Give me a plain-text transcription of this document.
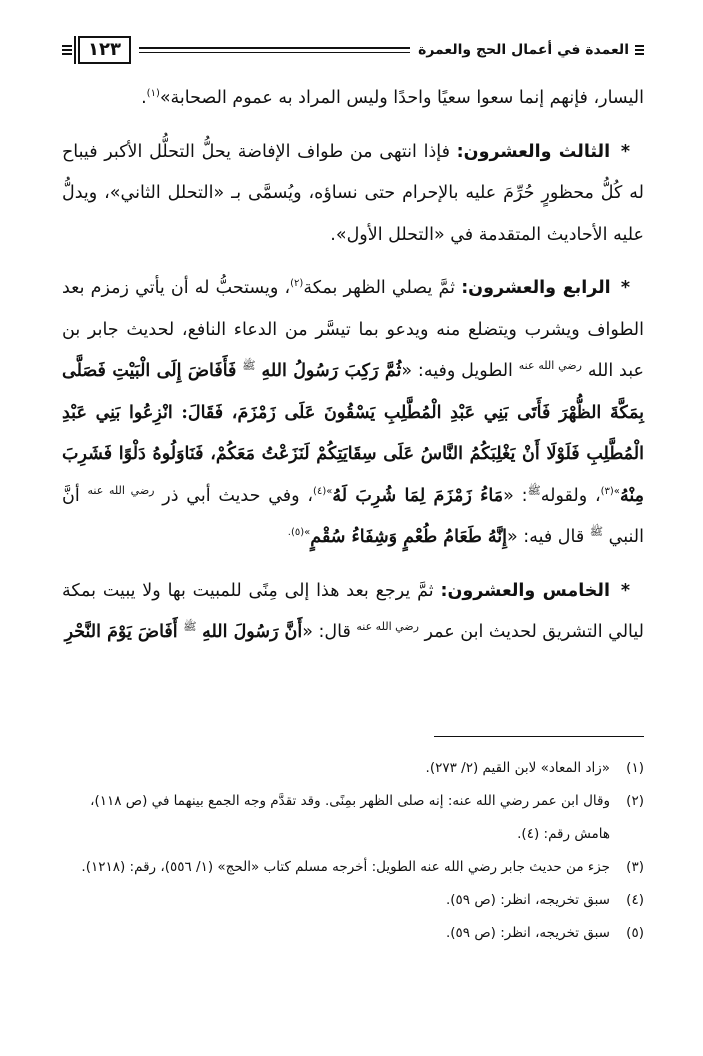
العمدة في أعمال الحج والعمرة
١٢٣

اليسار، فإنهم إنما سعوا سعيًا واحدًا وليس المراد به عموم الصحابة»$^{(١)}$.

* الثالث والعشرون: فإذا انتهى من طواف الإفاضة يحلُّ التحلُّل الأكبر فيباح له كُلُّ محظورٍ حُرِّمَ عليه بالإحرام حتى نساؤه، ويُسمَّى بـ «التحلل الثاني»، ويدلُّ عليه الأحاديث المتقدمة في «التحلل الأول».

* الرابع والعشرون: ثمَّ يصلي الظهر بمكة$^{(٢)}$، ويستحبُّ له أن يأتي زمزم بعد الطواف ويشرب ويتضلع منه ويدعو بما تيسَّر من الدعاء النافع، لحديث جابر بن عبد الله $^{رضي الله عنه}$ الطويل وفيه: «ثُمَّ رَكِبَ رَسُولُ اللهِ $^ﷺ$ فَأَفَاضَ إِلَى الْبَيْتِ فَصَلَّى بِمَكَّةَ الظُّهْرَ فَأَتَى بَنِي عَبْدِ الْمُطَّلِبِ يَسْقُونَ عَلَى زَمْزَمَ، فَقَالَ: انْزِعُوا بَنِي عَبْدِ الْمُطَّلِبِ فَلَوْلَا أَنْ يَغْلِبَكُمُ النَّاسُ عَلَى سِقَايَتِكُمْ لَنَزَعْتُ مَعَكُمْ، فَنَاوَلُوهُ دَلْوًا فَشَرِبَ مِنْهُ$^{»(٣)}$، ولقوله$^ﷺ$: «مَاءُ زَمْزَمَ لِمَا شُرِبَ لَهُ$^{»(٤)}$، وفي حديث أبي ذر $^{رضي الله عنه}$ أنَّ النبي $^ﷺ$ قال فيه: «إِنَّهُ طَعَامُ طُعْمٍ وَشِفَاءُ سُقْمٍ$^{»(٥).}$

* الخامس والعشرون: ثمَّ يرجع بعد هذا إلى مِنًى للمبيت بها ولا يبيت بمكة ليالي التشريق لحديث ابن عمر $^{رضي الله عنه}$ قال: «أَنَّ رَسُولَ اللهِ $^ﷺ$ أَفَاضَ يَوْمَ النَّحْرِ

(١)
«زاد المعاد» لابن القيم (٢/ ٢٧٣).
(٢)
وقال ابن عمر رضي الله عنه: إنه صلى الظهر بمِنًى. وقد تقدَّم وجه الجمع بينهما في (ص ١١٨)، هامش رقم: (٤).
(٣)
جزء من حديث جابر رضي الله عنه الطويل: أخرجه مسلم كتاب «الحج» (١/ ٥٥٦)، رقم: (١٢١٨).
(٤)
سبق تخريجه، انظر: (ص ٥٩).
(٥)
سبق تخريجه، انظر: (ص ٥٩).
